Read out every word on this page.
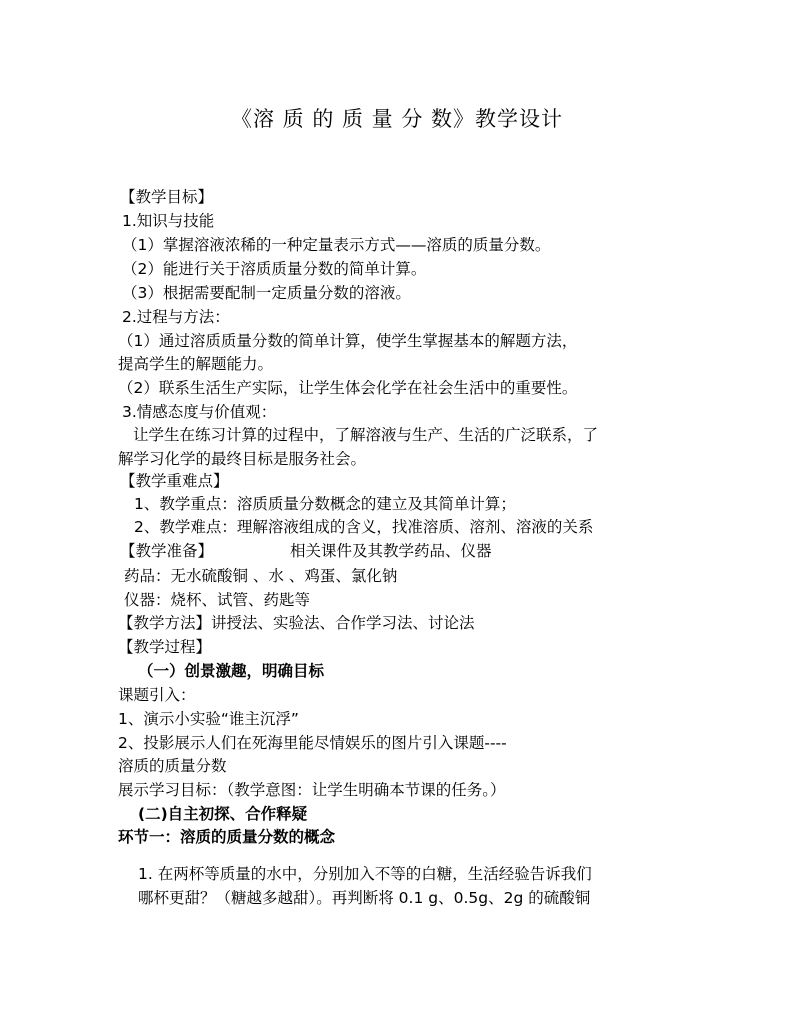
《溶 质 的 质 量 分 数》教学设计
【教学目标】
1.知识与技能
（1）掌握溶液浓稀的一种定量表示方式——溶质的质量分数。
（2）能进行关于溶质质量分数的简单计算。
（3）根据需要配制一定质量分数的溶液。
2.过程与方法：
（1）通过溶质质量分数的简单计算，使学生掌握基本的解题方法，
提高学生的解题能力。
（2）联系生活生产实际，让学生体会化学在社会生活中的重要性。
3.情感态度与价值观：
让学生在练习计算的过程中，了解溶液与生产、生活的广泛联系，了
解学习化学的最终目标是服务社会。
【教学重难点】
1、教学重点：溶质质量分数概念的建立及其简单计算；
2、教学难点：理解溶液组成的含义，找准溶质、溶剂、溶液的关系
【教学准备】	相关课件及其教学药品、仪器
药品：无水硫酸铜 、水 、鸡蛋、氯化钠
仪器：烧杯、试管、药匙等
【教学方法】讲授法、实验法、合作学习法、讨论法
【教学过程】
（一）创景激趣，明确目标
课题引入：
1、演示小实验“谁主沉浮”
2、投影展示人们在死海里能尽情娱乐的图片引入课题----
溶质的质量分数
展示学习目标：（教学意图：让学生明确本节课的任务。）
(二)自主初探、合作释疑
环节一：溶质的质量分数的概念
1. 在两杯等质量的水中，分别加入不等的白糖，生活经验告诉我们
哪杯更甜？（糖越多越甜）。再判断将 0.1 g、0.5g、2g 的硫酸铜
